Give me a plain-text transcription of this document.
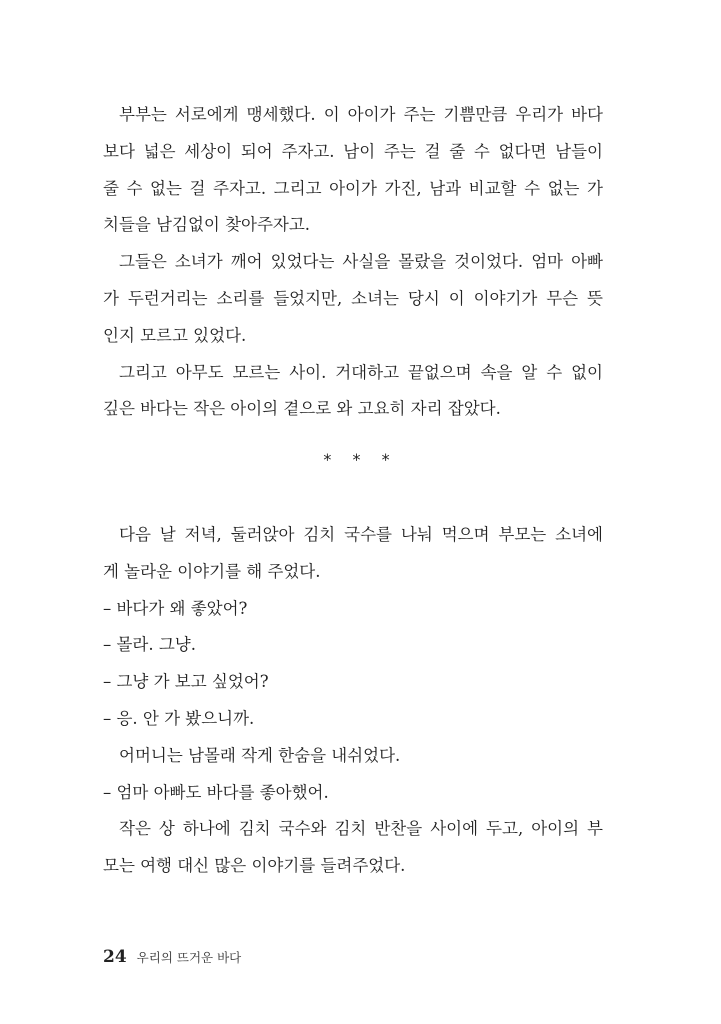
부부는 서로에게 맹세했다. 이 아이가 주는 기쁨만큼 우리가 바다
보다 넓은 세상이 되어 주자고. 남이 주는 걸 줄 수 없다면 남들이
줄 수 없는 걸 주자고. 그리고 아이가 가진, 남과 비교할 수 없는 가
치들을 남김없이 찾아주자고.
그들은 소녀가 깨어 있었다는 사실을 몰랐을 것이었다. 엄마 아빠
가 두런거리는 소리를 들었지만, 소녀는 당시 이 이야기가 무슨 뜻
인지 모르고 있었다.
그리고 아무도 모르는 사이. 거대하고 끝없으며 속을 알 수 없이
깊은 바다는 작은 아이의 곁으로 와 고요히 자리 잡았다.
* * *
다음 날 저녁, 둘러앉아 김치 국수를 나눠 먹으며 부모는 소녀에
게 놀라운 이야기를 해 주었다.
– 바다가 왜 좋았어?
– 몰라. 그냥.
– 그냥 가 보고 싶었어?
– 응. 안 가 봤으니까.
어머니는 남몰래 작게 한숨을 내쉬었다.
– 엄마 아빠도 바다를 좋아했어.
작은 상 하나에 김치 국수와 김치 반찬을 사이에 두고, 아이의 부
모는 여행 대신 많은 이야기를 들려주었다.
24 우리의 뜨거운 바다
